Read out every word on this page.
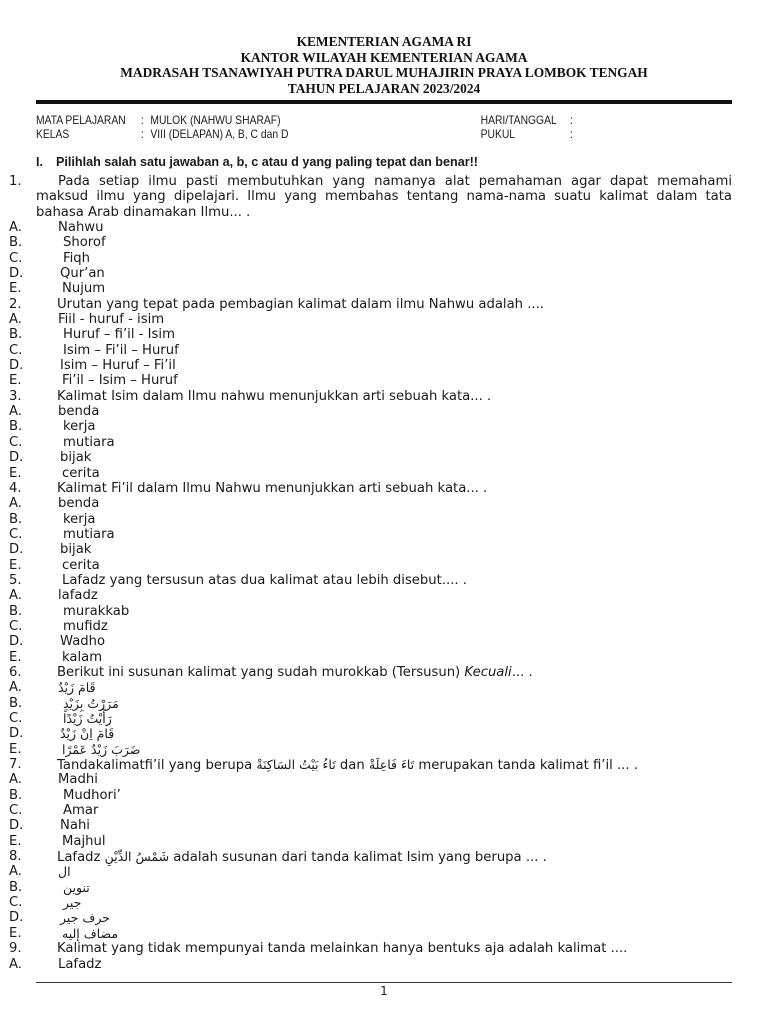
KEMENTERIAN AGAMA RI
KANTOR WILAYAH KEMENTERIAN AGAMA
MADRASAH TSANAWIYAH PUTRA DARUL MUHAJIRIN PRAYA LOMBOK TENGAH
TAHUN PELAJARAN 2023/2024
MATA PELAJARAN : MULOK (NAHWU SHARAF)	HARI/TANGGAL :
KELAS	: VIII (DELAPAN) A, B, C dan D	PUKUL	:
I. Pilihlah salah satu jawaban a, b, c atau d yang paling tepat dan benar!!
1.	Pada setiap ilmu pasti membutuhkan yang namanya alat pemahaman agar dapat memahami maksud ilmu yang dipelajari. Ilmu yang membahas tentang nama-nama suatu kalimat dalam tata bahasa Arab dinamakan Ilmu... .
A.	Nahwu
B.	Shorof
C.	Fiqh
D.	Qur’an
E.	Nujum
2.	Urutan yang tepat pada pembagian kalimat dalam ilmu Nahwu adalah ....
A.	Fiil - huruf - isim
B.	Huruf – fi’il - Isim
C.	Isim – Fi’il – Huruf
D.	Isim – Huruf – Fi’il
E.	Fi’il – Isim – Huruf
3.	Kalimat Isim dalam Ilmu nahwu menunjukkan arti sebuah kata... .
A.	benda
B.	kerja
C.	mutiara
D.	bijak
E.	cerita
4.	Kalimat Fi’il dalam Ilmu Nahwu menunjukkan arti sebuah kata... .
A.	benda
B.	kerja
C.	mutiara
D.	bijak
E.	cerita
5.	Lafadz yang tersusun atas dua kalimat atau lebih disebut.... .
A.	lafadz
B.	murakkab
C.	mufidz
D.	Wadho
E.	kalam
6.	Berikut ini susunan kalimat yang sudah murokkab (Tersusun) Kecuali... .
A.	قَامَ زَيْدٌ
B.	مَرَرْتُ بِزَيْدٍ
C.	رَأَيْتُ زَيْدًا
D.	قَامَ اِنْ زَيْدٌ
E.	ضَرَبَ زَيْدٌ عَمْرًا
7.	Tandakalimatfi’il yang berupa تَاءُ بَيْتُ السَاكِنَةْ dan تَاءَ فَاعِلَةْ merupakan tanda kalimat fi’il ... .
A.	Madhi
B.	Mudhori’
C.	Amar
D.	Nahi
E.	Majhul
8.	Lafadz شَمْسُ الدِّيْنِ adalah susunan dari tanda kalimat Isim yang berupa ... .
A.	ال
B.	تنوين
C.	جير
D.	حرف جير
E.	مضاف إليه
9.	Kalimat yang tidak mempunyai tanda melainkan hanya bentuks aja adalah kalimat ....
A.	Lafadz
1
